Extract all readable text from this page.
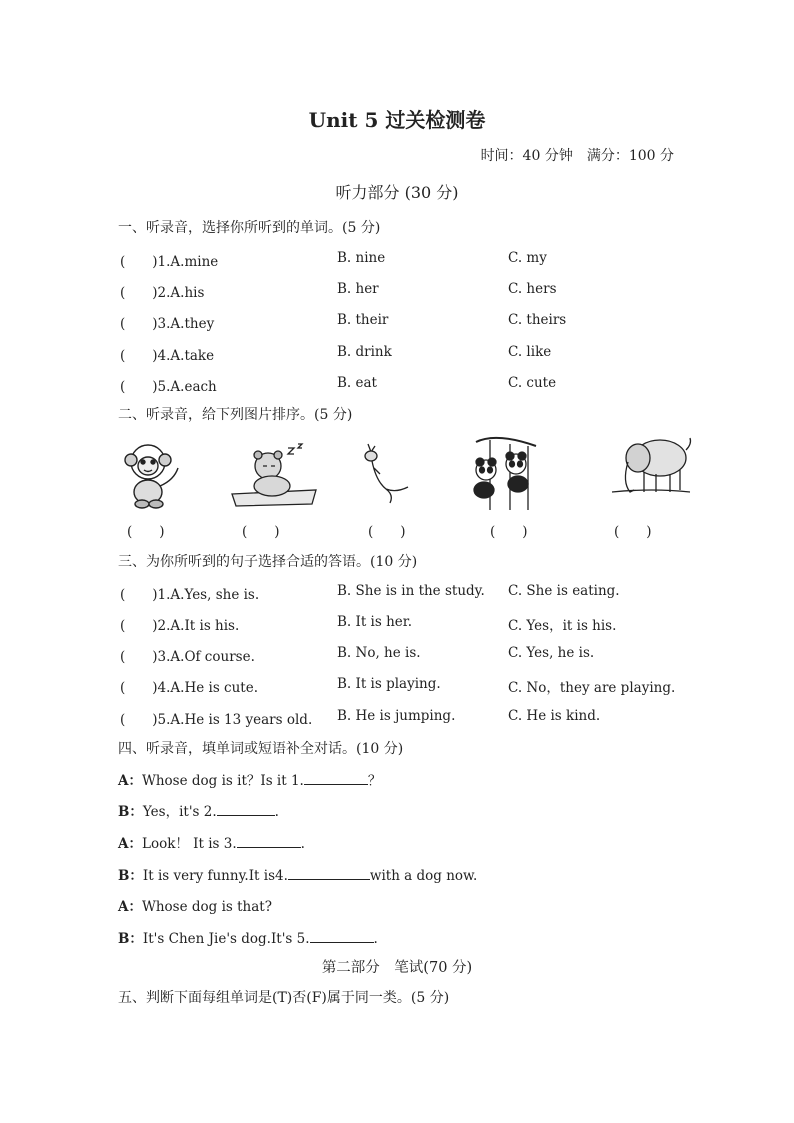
Unit 5 过关检测卷
时间：40 分钟　满分：100 分
听力部分 (30 分)
一、听录音，选择你所听到的单词。(5 分)
(　　)1.A.mine	B. nine	C. my
(　　)2.A.his	B. her	C. hers
(　　)3.A.they	B. their	C. theirs
(　　)4.A.take	B. drink	C. like
(　　)5.A.each	B. eat	C. cute
二、听录音，给下列图片排序。(5 分)
(　　)	(　　)	(　　)	(　　)	(　　)
三、为你所听到的句子选择合适的答语。(10 分)
(　　)1.A.Yes, she is.	B. She is in the study. C. She is eating.
(　　)2.A.It is his.	B. It is her.	C. Yes，it is his.
(　　)3.A.Of course.	B. No, he is.	C. Yes, he is.
(　　)4.A.He is cute.	B. It is playing.	C. No，they are playing.
(　　)5.A.He is 13 years old. B. He is jumping.	C. He is kind.
四、听录音，填单词或短语补全对话。(10 分)
A：Whose dog is it？Is it 1.	？
B：Yes，it's 2.	.
A：Look！ It is 3.	.
B：It is very funny.It is4.	with a dog now.
A：Whose dog is that?
B：It's Chen Jie's dog.It's 5.	.
第二部分　笔试(70 分)
五、判断下面每组单词是(T)否(F)属于同一类。(5 分)
